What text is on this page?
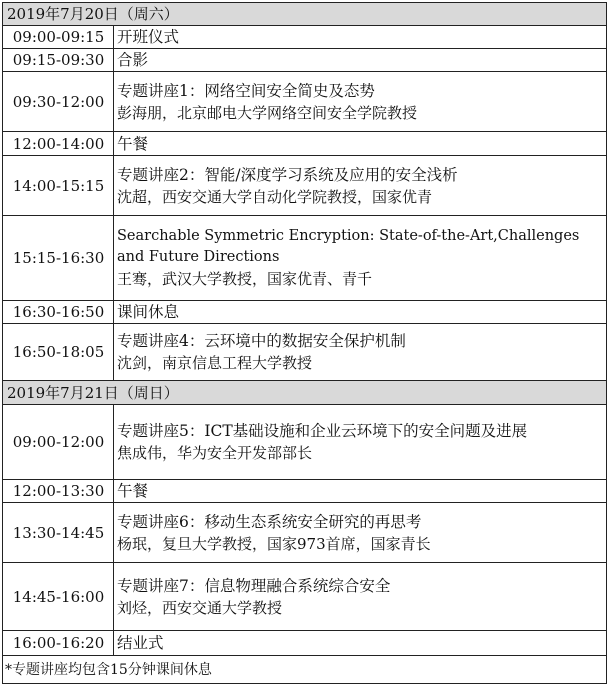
2019年7月20日（周六）	
09:00-09:15	开班仪式

09:15-09:30	合影

09:30-12:00	专题讲座1：网络空间安全简史及态势
彭海朋，北京邮电大学网络空间安全学院教授

12:00-14:00	午餐

14:00-15:15	专题讲座2：智能/深度学习系统及应用的安全浅析
沈超，西安交通大学自动化学院教授，国家优青

15:15-16:30	Searchable Symmetric Encryption: State-of-the-Art,Challenges and Future Directions
王骞，武汉大学教授，国家优青、青千

16:30-16:50	课间休息

16:50-18:05	专题讲座4：云环境中的数据安全保护机制
沈剑，南京信息工程大学教授

2019年7月21日（周日）	
09:00-12:00	专题讲座5：ICT基础设施和企业云环境下的安全问题及进展
焦成伟，华为安全开发部部长

12:00-13:30	午餐

13:30-14:45	专题讲座6：移动生态系统安全研究的再思考
杨珉，复旦大学教授，国家973首席，国家青长

14:45-16:00	专题讲座7：信息物理融合系统综合安全
刘烃，西安交通大学教授

16:00-16:20	结业式

*专题讲座均包含15分钟课间休息	
